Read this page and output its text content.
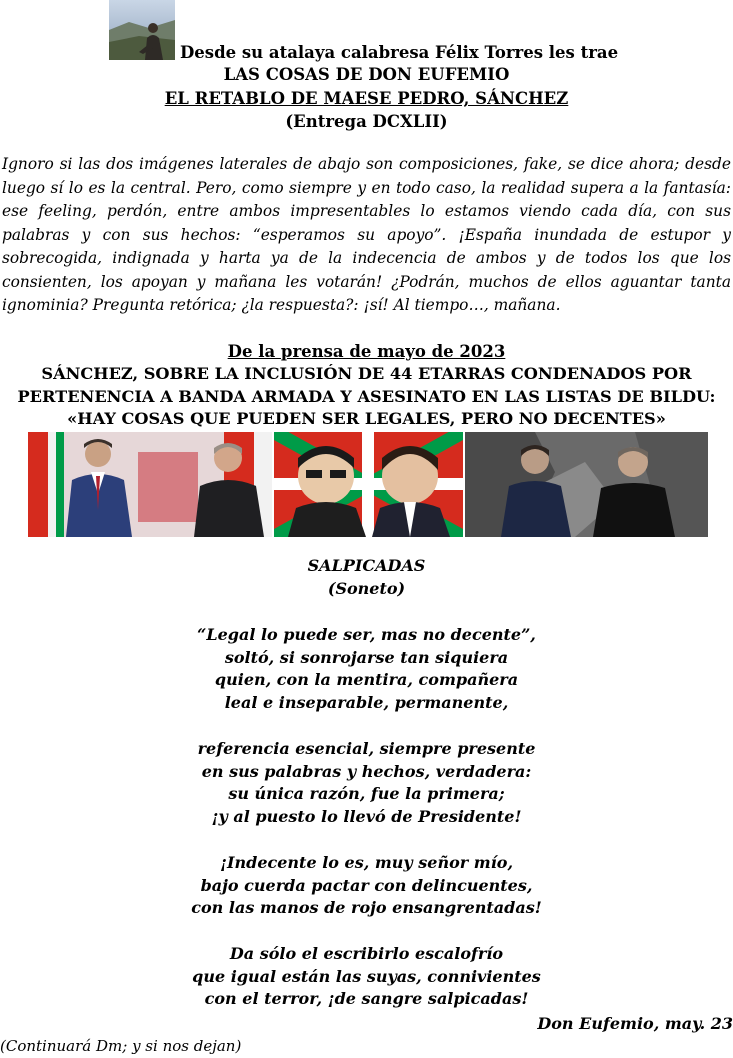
Desde su atalaya calabresa Félix Torres les trae
LAS COSAS DE DON EUFEMIO
EL RETABLO DE MAESE PEDRO, SÁNCHEZ
(Entrega DCXLII)
Ignoro si las dos imágenes laterales de abajo son composiciones, fake, se dice ahora; desde luego sí lo es la central. Pero, como siempre y en todo caso, la realidad supera a la fantasía: ese feeling, perdón, entre ambos impresentables lo estamos viendo cada día, con sus palabras y con sus hechos: “esperamos su apoyo”. ¡España inundada de estupor y sobrecogida, indignada y harta ya de la indecencia de ambos y de todos los que los consienten, los apoyan y mañana les votarán! ¿Podrán, muchos de ellos aguantar tanta ignominia? Pregunta retórica; ¿la respuesta?: ¡sí! Al tiempo…, mañana.
De la prensa de mayo de 2023
SÁNCHEZ, SOBRE LA INCLUSIÓN DE 44 ETARRAS CONDENADOS POR PERTENENCIA A BANDA ARMADA Y ASESINATO EN LAS LISTAS DE BILDU: «HAY COSAS QUE PUEDEN SER LEGALES, PERO NO DECENTES»
SALPICADAS
(Soneto)
“Legal lo puede ser, mas no decente”,
soltó, si sonrojarse tan siquiera
quien, con la mentira, compañera
leal e inseparable, permanente,
referencia esencial, siempre presente
en sus palabras y hechos, verdadera:
su única razón, fue la primera;
¡y al puesto lo llevó de Presidente!
¡Indecente lo es, muy señor mío,
bajo cuerda pactar con delincuentes,
con las manos de rojo ensangrentadas!
Da sólo el escribirlo escalofrío
que igual están las suyas, connivientes
con el terror, ¡de sangre salpicadas!
Don Eufemio, may. 23
(Continuará Dm; y si nos dejan)
